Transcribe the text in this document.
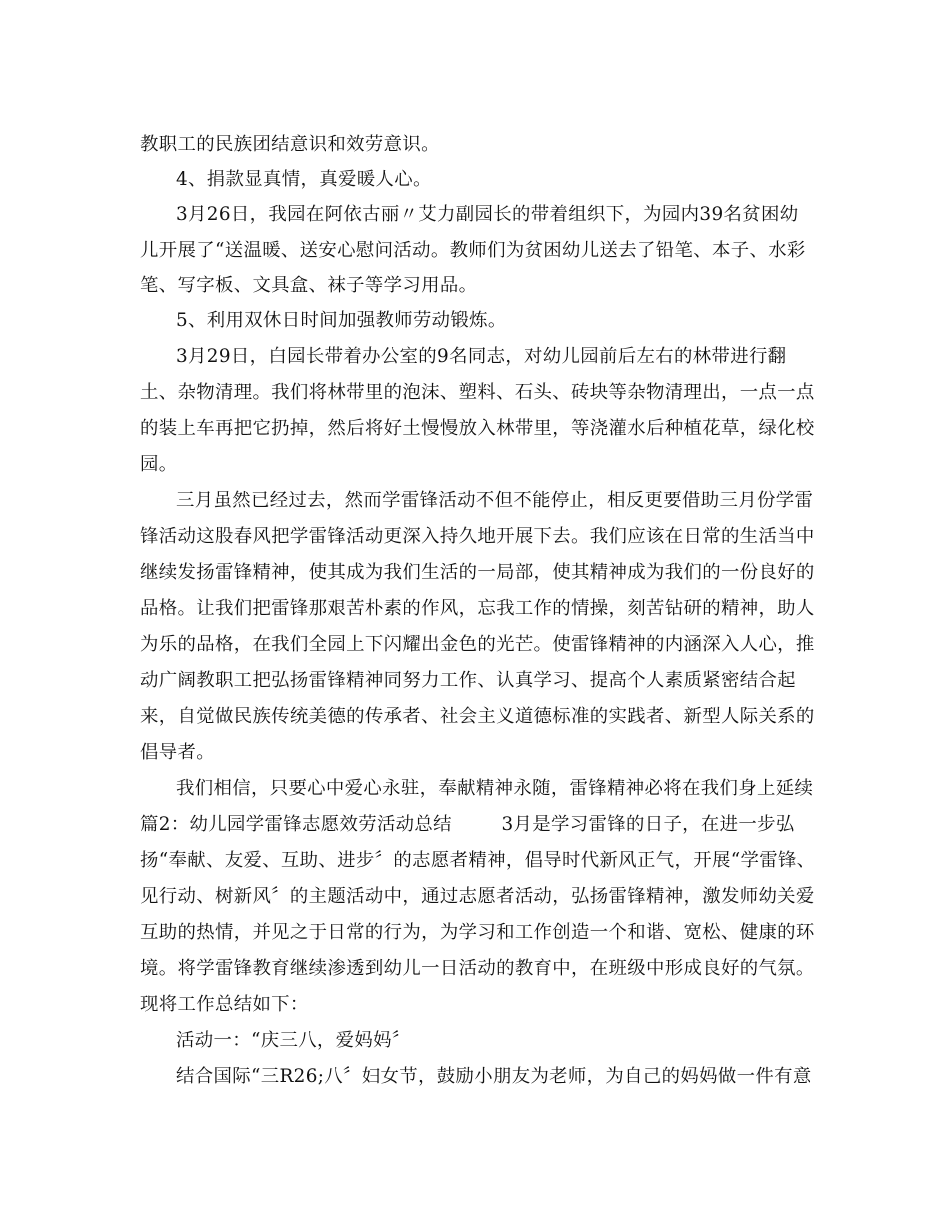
教职工的民族团结意识和效劳意识。
4、捐款显真情，真爱暖人心。
3月26日，我园在阿依古丽〃艾力副园长的带着组织下，为园内39名贫困幼
儿开展了“送温暖、送安心慰问活动。教师们为贫困幼儿送去了铅笔、本子、水彩
笔、写字板、文具盒、袜子等学习用品。
5、利用双休日时间加强教师劳动锻炼。
3月29日，白园长带着办公室的9名同志，对幼儿园前后左右的林带进行翻
土、杂物清理。我们将林带里的泡沫、塑料、石头、砖块等杂物清理出，一点一点
的装上车再把它扔掉，然后将好土慢慢放入林带里，等浇灌水后种植花草，绿化校
园。
三月虽然已经过去，然而学雷锋活动不但不能停止，相反更要借助三月份学雷
锋活动这股春风把学雷锋活动更深入持久地开展下去。我们应该在日常的生活当中
继续发扬雷锋精神，使其成为我们生活的一局部，使其精神成为我们的一份良好的
品格。让我们把雷锋那艰苦朴素的作风，忘我工作的情操，刻苦钻研的精神，助人
为乐的品格，在我们全园上下闪耀出金色的光芒。使雷锋精神的内涵深入人心，推
动广阔教职工把弘扬雷锋精神同努力工作、认真学习、提高个人素质紧密结合起
来，自觉做民族传统美德的传承者、社会主义道德标准的实践者、新型人际关系的
倡导者。
我们相信，只要心中爱心永驻，奉献精神永随，雷锋精神必将在我们身上延续
篇2：幼儿园学雷锋志愿效劳活动总结        3月是学习雷锋的日子，在进一步弘
扬“奉献、友爱、互助、进步〞的志愿者精神，倡导时代新风正气，开展“学雷锋、
见行动、树新风〞的主题活动中，通过志愿者活动，弘扬雷锋精神，激发师幼关爱
互助的热情，并见之于日常的行为，为学习和工作创造一个和谐、宽松、健康的环
境。将学雷锋教育继续渗透到幼儿一日活动的教育中，在班级中形成良好的气氛。
现将工作总结如下：
活动一：“庆三八，爱妈妈〞
结合国际“三R26;八〞妇女节，鼓励小朋友为老师，为自己的妈妈做一件有意
